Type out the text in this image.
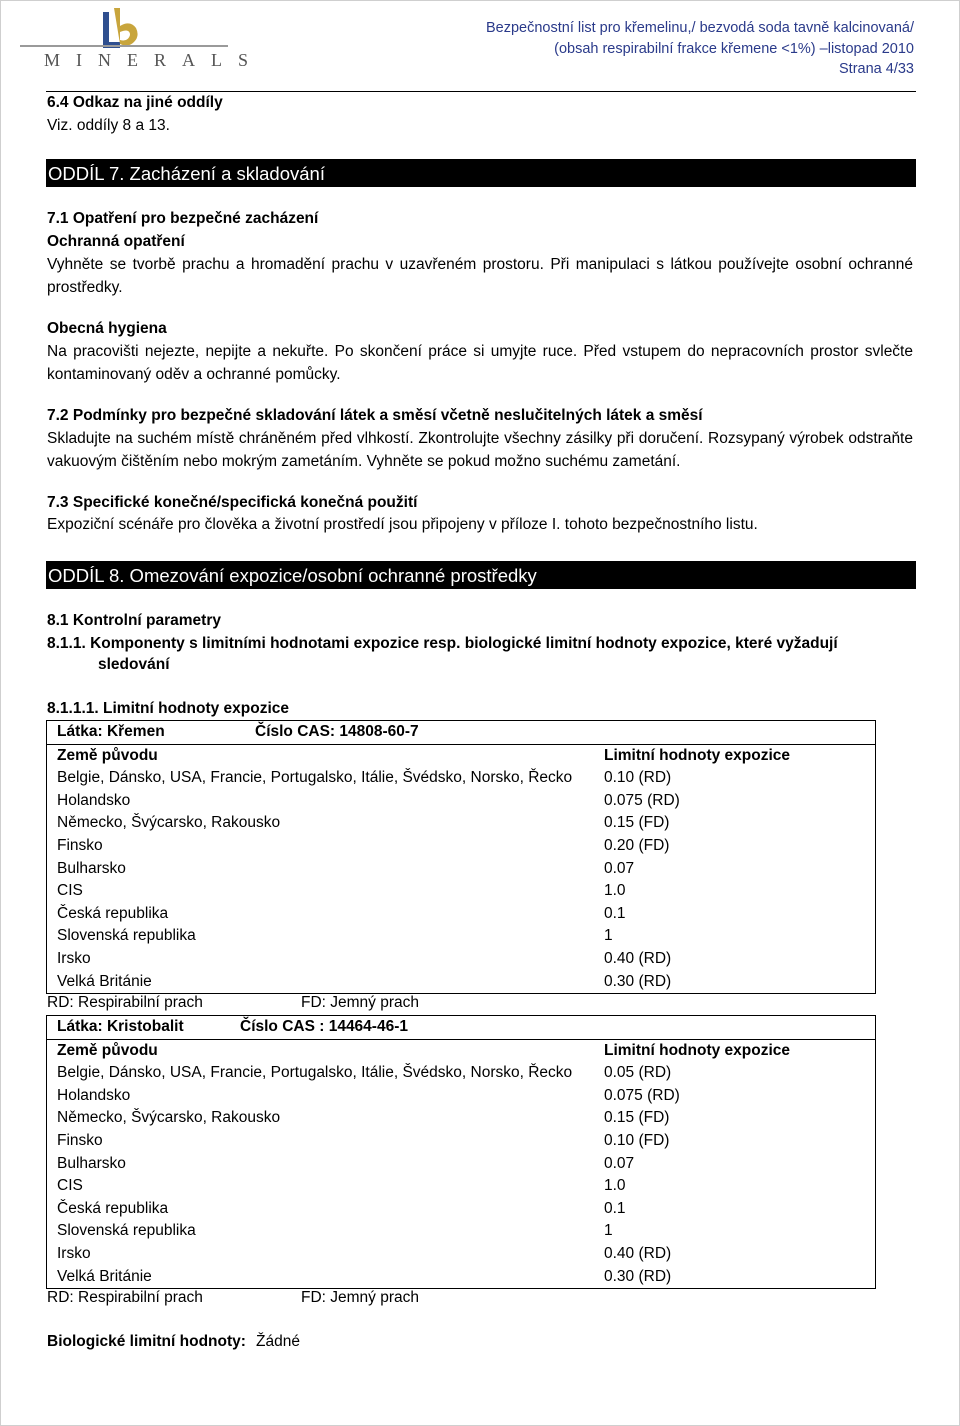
MINERALS
Bezpečnostní list pro křemelinu,/ bezvodá soda tavně kalcinovaná/
(obsah respirabilní frakce křemene <1%) –listopad 2010
Strana 4/33
6.4 Odkaz na jiné oddíly
Viz. oddíly 8 a 13.
ODDÍL 7. Zacházení a skladování
7.1 Opatření pro bezpečné zacházení
Ochranná opatření
Vyhněte se tvorbě prachu a hromadění prachu v uzavřeném prostoru. Při manipulaci s látkou používejte osobní ochranné prostředky.
Obecná hygiena
Na pracovišti nejezte, nepijte a nekuřte. Po skončení práce si umyjte ruce. Před vstupem do nepracovních prostor svlečte kontaminovaný oděv a ochranné pomůcky.
7.2 Podmínky pro bezpečné skladování látek a směsí včetně neslučitelných látek a směsí
Skladujte na suchém místě chráněném před vlhkostí. Zkontrolujte všechny zásilky při doručení. Rozsypaný výrobek odstraňte vakuovým čištěním nebo mokrým zametáním. Vyhněte se pokud možno suchému zametání.
7.3 Specifické konečné/specifická konečná použití
Expoziční scénáře pro člověka a životní prostředí jsou připojeny v příloze I. tohoto bezpečnostního listu.
ODDÍL 8. Omezování expozice/osobní ochranné prostředky
8.1 Kontrolní parametry
8.1.1. Komponenty s limitními hodnotami expozice resp. biologické limitní hodnoty expozice, které vyžadují
sledování
8.1.1.1. Limitní hodnoty expozice
Látka: Křemen	Číslo CAS: 14808-60-7
Země původu	Limitní hodnoty expozice
Belgie, Dánsko, USA, Francie, Portugalsko, Itálie, Švédsko, Norsko, Řecko 0.10 (RD)
Holandsko	0.075 (RD)
Německo, Švýcarsko, Rakousko	0.15 (FD)
Finsko	0.20 (FD)
Bulharsko	0.07
CIS	1.0
Česká republika	0.1
Slovenská republika	1
Irsko	0.40 (RD)
Velká Británie	0.30 (RD)
RD: Respirabilní prach	FD: Jemný prach
Látka: Kristobalit	Číslo CAS : 14464-46-1
Země původu	Limitní hodnoty expozice
Belgie, Dánsko, USA, Francie, Portugalsko, Itálie, Švédsko, Norsko, Řecko 0.05 (RD)
Holandsko	0.075 (RD)
Německo, Švýcarsko, Rakousko	0.15 (FD)
Finsko	0.10 (FD)
Bulharsko	0.07
CIS	1.0
Česká republika	0.1
Slovenská republika	1
Irsko	0.40 (RD)
Velká Británie	0.30 (RD)
RD: Respirabilní prach	FD: Jemný prach
Biologické limitní hodnoty: Žádné
